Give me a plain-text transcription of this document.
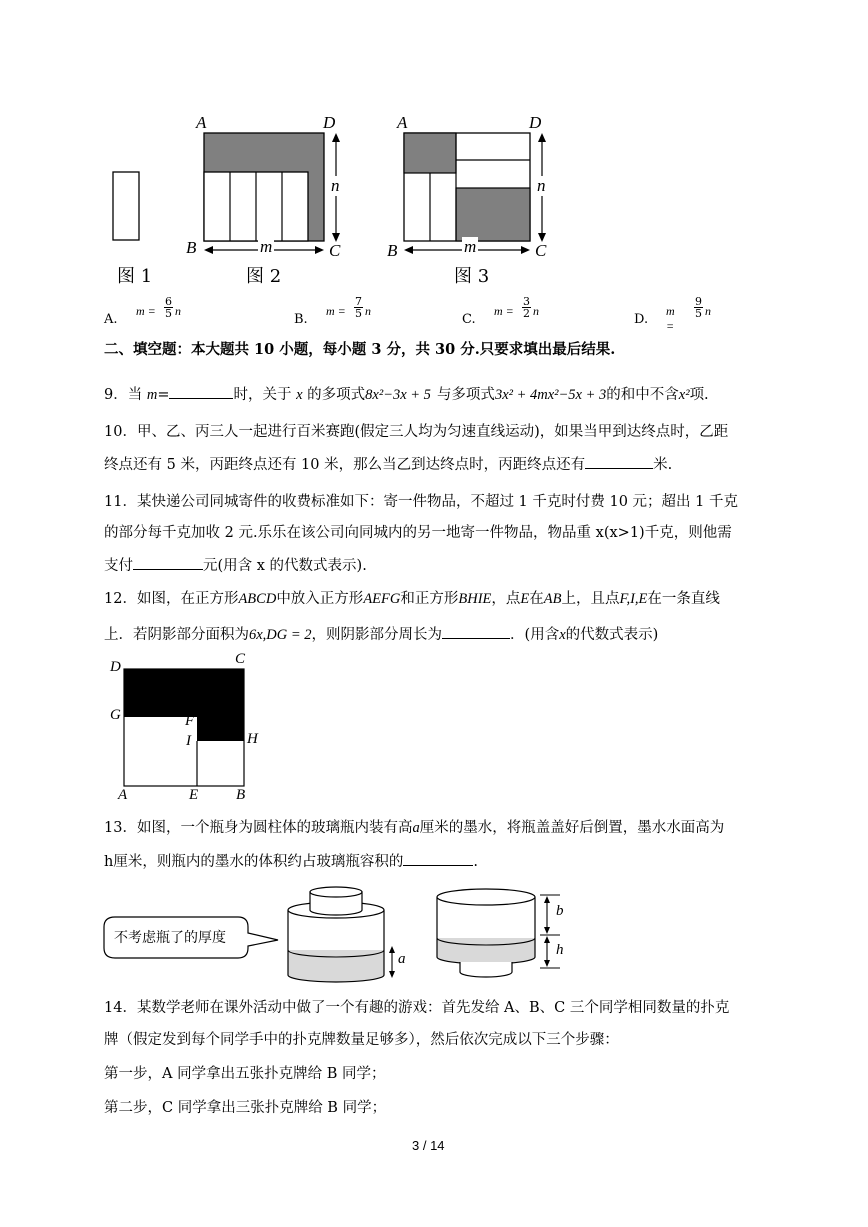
A	D
B	C
m
n
A	D
B	C
m
n
图 1	图 2	图 3
A.
$m = \frac{6}{5}$ n
B.
$m = \frac{7}{5}$ n
C.
$m = \frac{3}{2}$ n
D.
m =
$\frac{9}{5}$ n
二、填空题：本大题共 10 小题，每小题 3 分，共 30 分.只要求填出最后结果.
9．当 m=	时，关于 x 的多项式8x²−3x + 5 与多项式3x² + 4mx²−5x + 3的和中不含x²项.
10．甲、乙、丙三人一起进行百米赛跑(假定三人均为匀速直线运动)，如果当甲到达终点时，乙距
终点还有 5 米，丙距终点还有 10 米，那么当乙到达终点时，丙距终点还有	米.
11．某快递公司同城寄件的收费标准如下：寄一件物品，不超过 1 千克时付费 10 元；超出 1 千克
的部分每千克加收 2 元.乐乐在该公司向同城内的另一地寄一件物品，物品重 x(x>1)千克，则他需
支付	元(用含 x 的代数式表示).
12．如图，在正方形ABCD中放入正方形AEFG和正方形BHIE，点E在AB上，且点F,I,E在一条直线
上．若阴影部分面积为6x,DG = 2，则阴影部分周长为	．(用含x的代数式表示)
D	C
G	F
I	H
A	E	B
13．如图，一个瓶身为圆柱体的玻璃瓶内装有高a厘米的墨水，将瓶盖盖好后倒置，墨水水面高为
h厘米，则瓶内的墨水的体积约占玻璃瓶容积的	.
不考虑瓶了的厚度
a
b
h
14．某数学老师在课外活动中做了一个有趣的游戏：首先发给 A、B、C 三个同学相同数量的扑克
牌（假定发到每个同学手中的扑克牌数量足够多），然后依次完成以下三个步骤：
第一步，A 同学拿出五张扑克牌给 B 同学；
第二步，C 同学拿出三张扑克牌给 B 同学；
3 / 14
